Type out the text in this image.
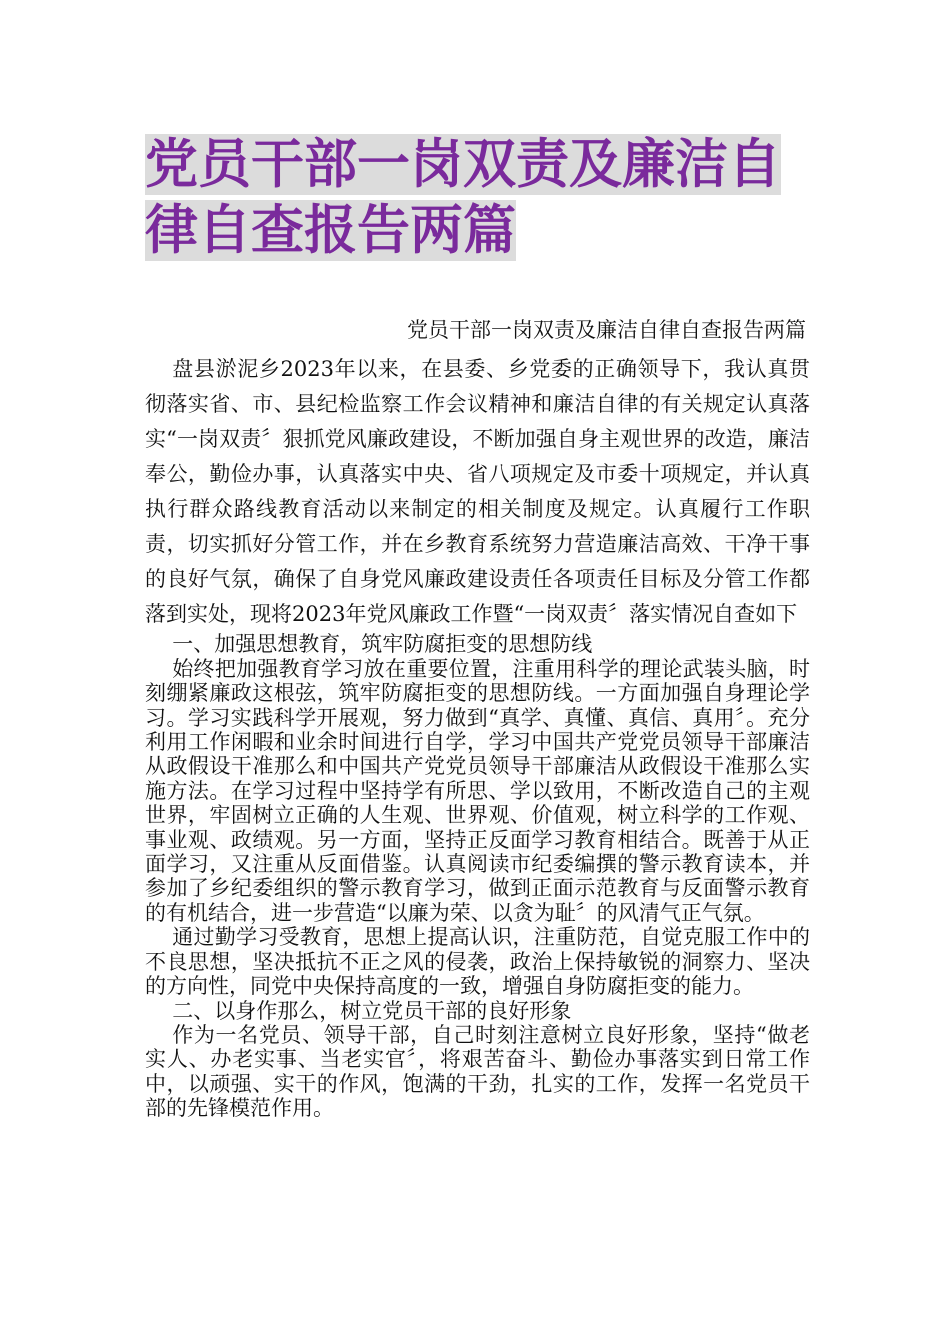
党员干部一岗双责及廉洁自律自查报告两篇

党员干部一岗双责及廉洁自律自查报告两篇

盘县淤泥乡2023年以来，在县委、乡党委的正确领导下，我认真贯彻落实省、市、县纪检监察工作会议精神和廉洁自律的有关规定认真落实“一岗双责〞狠抓党风廉政建设，不断加强自身主观世界的改造，廉洁奉公，勤俭办事，认真落实中央、省八项规定及市委十项规定，并认真执行群众路线教育活动以来制定的相关制度及规定。认真履行工作职责，切实抓好分管工作，并在乡教育系统努力营造廉洁高效、干净干事的良好气氛，确保了自身党风廉政建设责任各项责任目标及分管工作都落到实处，现将2023年党风廉政工作暨“一岗双责〞落实情况自查如下

一、加强思想教育，筑牢防腐拒变的思想防线

始终把加强教育学习放在重要位置，注重用科学的理论武装头脑，时刻绷紧廉政这根弦，筑牢防腐拒变的思想防线。一方面加强自身理论学习。学习实践科学开展观，努力做到“真学、真懂、真信、真用〞。充分利用工作闲暇和业余时间进行自学，学习中国共产党党员领导干部廉洁从政假设干准那么和中国共产党党员领导干部廉洁从政假设干准那么实施方法。在学习过程中坚持学有所思、学以致用，不断改造自己的主观世界，牢固树立正确的人生观、世界观、价值观，树立科学的工作观、事业观、政绩观。另一方面，坚持正反面学习教育相结合。既善于从正面学习，又注重从反面借鉴。认真阅读市纪委编撰的警示教育读本，并参加了乡纪委组织的警示教育学习，做到正面示范教育与反面警示教育的有机结合，进一步营造“以廉为荣、以贪为耻〞的风清气正气氛。

通过勤学习受教育，思想上提高认识，注重防范，自觉克服工作中的不良思想，坚决抵抗不正之风的侵袭，政治上保持敏锐的洞察力、坚决的方向性，同党中央保持高度的一致，增强自身防腐拒变的能力。

二、以身作那么，树立党员干部的良好形象

作为一名党员、领导干部，自己时刻注意树立良好形象，坚持“做老实人、办老实事、当老实官〞，将艰苦奋斗、勤俭办事落实到日常工作中，以顽强、实干的作风，饱满的干劲，扎实的工作，发挥一名党员干部的先锋模范作用。
